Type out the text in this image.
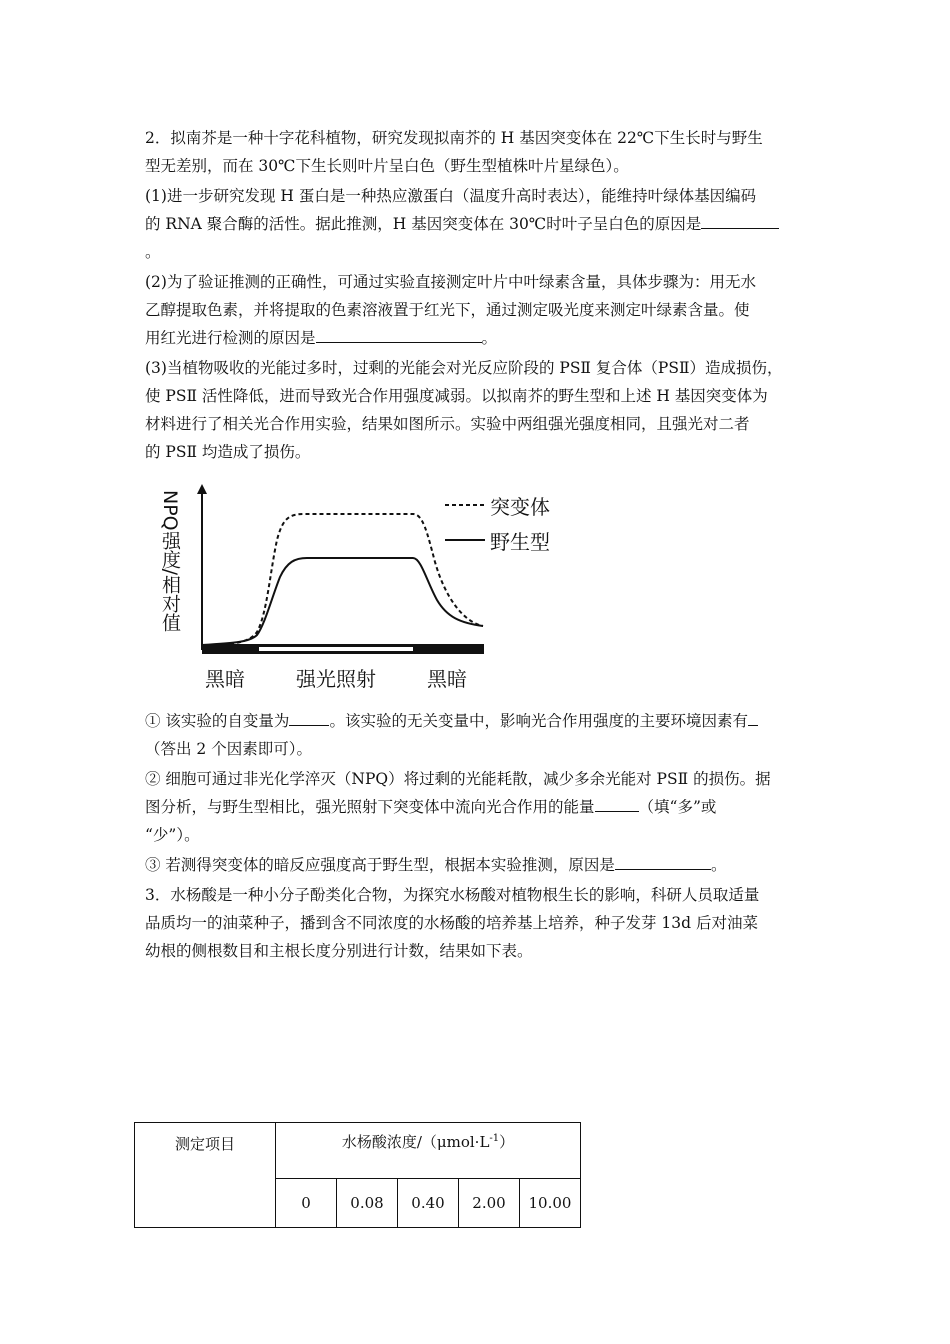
2．拟南芥是一种十字花科植物，研究发现拟南芥的 H 基因突变体在 22℃下生长时与野生
型无差别，而在 30℃下生长则叶片呈白色（野生型植株叶片星绿色）。

(1)进一步研究发现 H 蛋白是一种热应激蛋白（温度升高时表达），能维持叶绿体基因编码
的 RNA 聚合酶的活性。据此推测，H 基因突变体在 30℃时叶子呈白色的原因是
。

(2)为了验证推测的正确性，可通过实验直接测定叶片中叶绿素含量，具体步骤为：用无水
乙醇提取色素，并将提取的色素溶液置于红光下，通过测定吸光度来测定叶绿素含量。使
用红光进行检测的原因是	。

(3)当植物吸收的光能过多时，过剩的光能会对光反应阶段的 PSⅡ 复合体（PSⅡ）造成损伤，
使 PSⅡ 活性降低，进而导致光合作用强度减弱。以拟南芥的野生型和上述 H 基因突变体为
材料进行了相关光合作用实验，结果如图所示。实验中两组强光强度相同，且强光对二者
的 PSⅡ 均造成了损伤。

NPQ强度/相对值	突变体
野生型
黑暗	强光照射	黑暗

① 该实验的自变量为	。该实验的无关变量中，影响光合作用强度的主要环境因素有
（答出 2 个因素即可）。

② 细胞可通过非光化学淬灭（NPQ）将过剩的光能耗散，减少多余光能对 PSⅡ 的损伤。据
图分析，与野生型相比，强光照射下突变体中流向光合作用的能量	（填“多”或
“少”）。

③ 若测得突变体的暗反应强度高于野生型，根据本实验推测，原因是	。

3．水杨酸是一种小分子酚类化合物，为探究水杨酸对植物根生长的影响，科研人员取适量
品质均一的油菜种子，播到含不同浓度的水杨酸的培养基上培养，种子发芽 13d 后对油菜
幼根的侧根数目和主根长度分别进行计数，结果如下表。

测定项目	水杨酸浓度$/(\mu mol\cdot L^{-1})$				
	0	0.08	0.40	2.00	10.00
